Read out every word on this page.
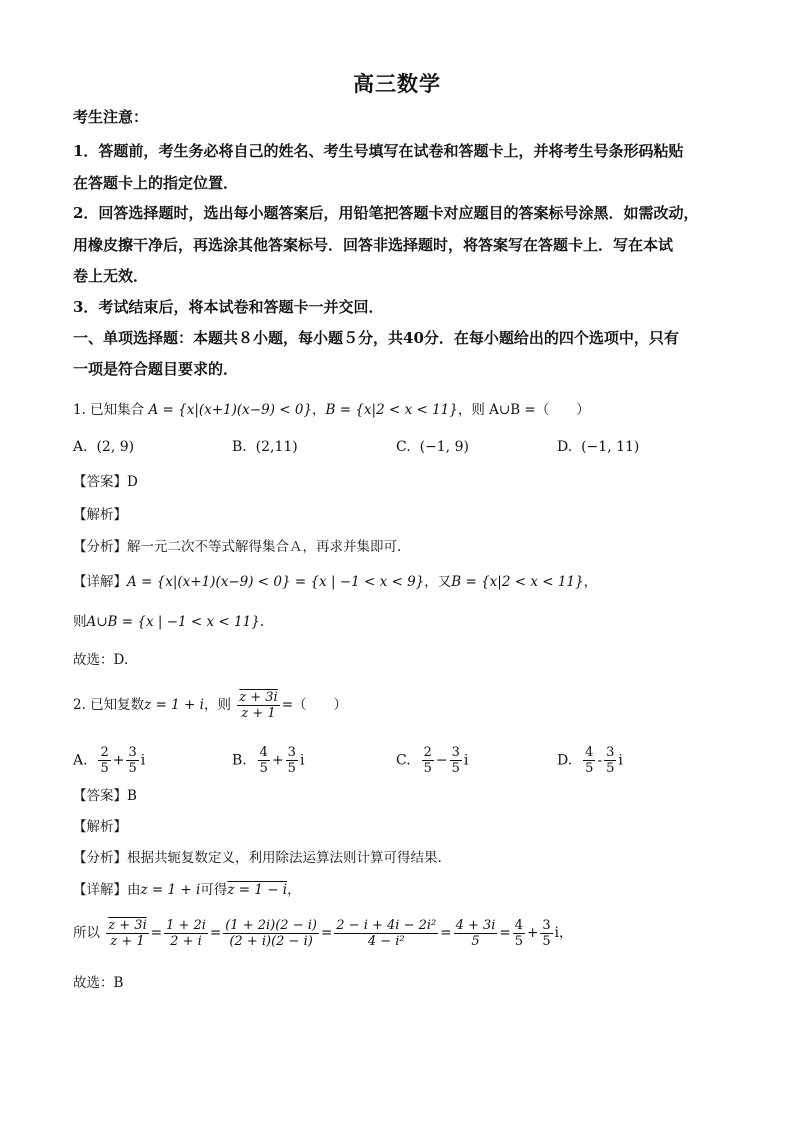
高三数学
考生注意：
1．答题前，考生务必将自己的姓名、考生号填写在试卷和答题卡上，并将考生号条形码粘贴
在答题卡上的指定位置．
2．回答选择题时，选出每小题答案后，用铅笔把答题卡对应题目的答案标号涂黑．如需改动，
用橡皮擦干净后，再选涂其他答案标号．回答非选择题时，将答案写在答题卡上．写在本试
卷上无效．
3．考试结束后，将本试卷和答题卡一并交回．
一、单项选择题：本题共８小题，每小题５分，共40分．在每小题给出的四个选项中，只有
一项是符合题目要求的．
1. 已知集合 A = {x|(x+1)(x−9) < 0}，B = {x|2 < x < 11}，则 A∪B =（　　）
A. (2, 9)	B. (2,11)	C. (−1, 9)	D. (−1, 11)
【答案】D
【解析】
【分析】解一元二次不等式解得集合Ａ，再求并集即可.
【详解】A = {x|(x+1)(x−9) < 0} = {x | −1 < x < 9}，又B = {x|2 < x < 11}，
则A∪B = {x | −1 < x < 11}.
故选：D.
2. 已知复数z = 1 + i，则 $\frac{z + 3i}{z + 1}$ =（　　）
A. $\frac{2}{5} + \frac{3}{5}$ i	B. $\frac{4}{5} + \frac{3}{5}$ i	C. $\frac{2}{5} - \frac{3}{5}$ i	D. $\frac{4}{5} - \frac{3}{5}$ i
【答案】B
【解析】
【分析】根据共轭复数定义，利用除法运算法则计算可得结果.
【详解】由z = 1 + i可得z = 1 − i，
所以 $\frac{z + 3i}{z + 1} = \frac{1 + 2i}{2 + i} = \frac{(1 + 2i)(2 - i)}{(2 + i)(2 - i)} = \frac{\text{2 − i + 4i − 2i²}}{\text{4 − i²}} = \frac{4 + 3i}{5} = \frac{4}{5} + \frac{3}{5}$ i，
故选：B
